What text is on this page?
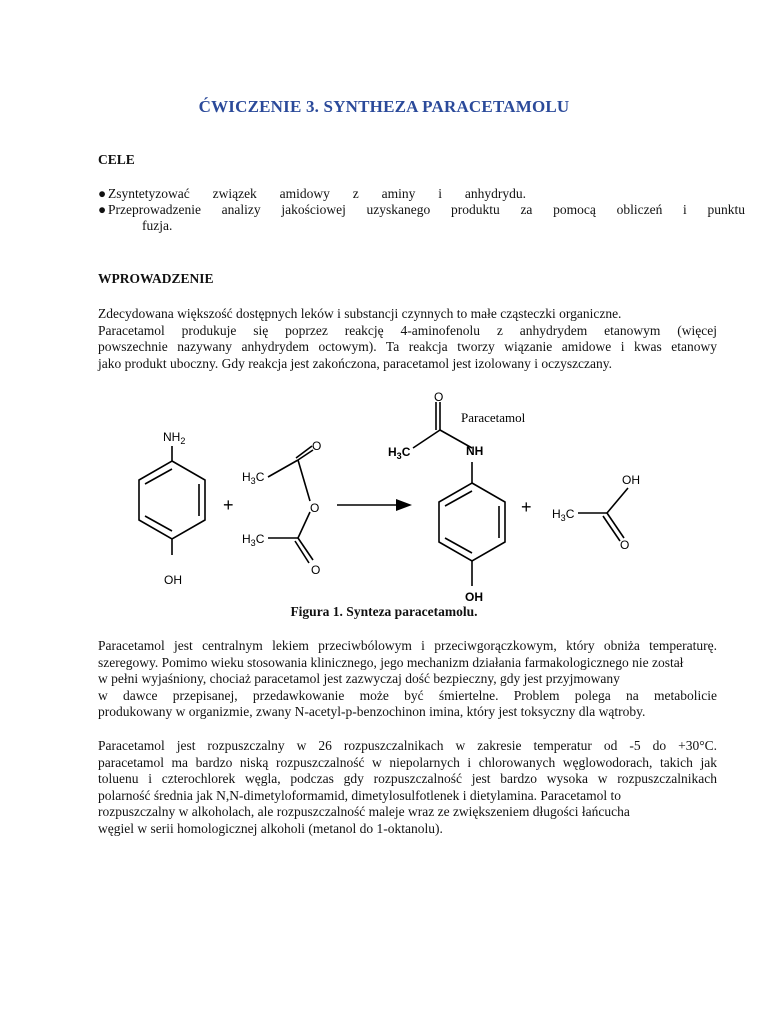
ĆWICZENIE 3. SYNTHEZA PARACETAMOLU
CELE
● Zsyntetyzować związek amidowy z aminy i anhydrydu.
● Przeprowadzenie analizy jakościowej uzyskanego produktu za pomocą obliczeń i punktu
fuzja.
WPROWADZENIE
Zdecydowana większość dostępnych leków i substancji czynnych to małe cząsteczki organiczne.
Paracetamol produkuje się poprzez reakcję 4-aminofenolu z anhydrydem etanowym (więcej
powszechnie nazywany anhydrydem octowym). Ta reakcja tworzy wiązanie amidowe i kwas etanowy
jako produkt uboczny. Gdy reakcja jest zakończona, paracetamol jest izolowany i oczyszczany.
$NH_2$
OH
+
$H_3C$
O
O
$H_3C$
O
O
Paracetamol
$H_3C$	NH
OH
+ $H_3C$
OH
O
Figura 1. Synteza paracetamolu.
Paracetamol jest centralnym lekiem przeciwbólowym i przeciwgorączkowym, który obniża temperaturę.
szeregowy. Pomimo wieku stosowania klinicznego, jego mechanizm działania farmakologicznego nie został
w pełni wyjaśniony, chociaż paracetamol jest zazwyczaj dość bezpieczny, gdy jest przyjmowany
w dawce przepisanej, przedawkowanie może być śmiertelne. Problem polega na metabolicie
produkowany w organizmie, zwany N-acetyl-p-benzochinon imina, który jest toksyczny dla wątroby.
Paracetamol jest rozpuszczalny w 26 rozpuszczalnikach w zakresie temperatur od -5 do +30°C.
paracetamol ma bardzo niską rozpuszczalność w niepolarnych i chlorowanych węglowodorach, takich jak
toluenu i czterochlorek węgla, podczas gdy rozpuszczalność jest bardzo wysoka w rozpuszczalnikach
polarność średnia jak N,N-dimetyloformamid, dimetylosulfotlenek i dietylamina. Paracetamol to
rozpuszczalny w alkoholach, ale rozpuszczalność maleje wraz ze zwiększeniem długości łańcucha
węgiel w serii homologicznej alkoholi (metanol do 1-oktanolu).
